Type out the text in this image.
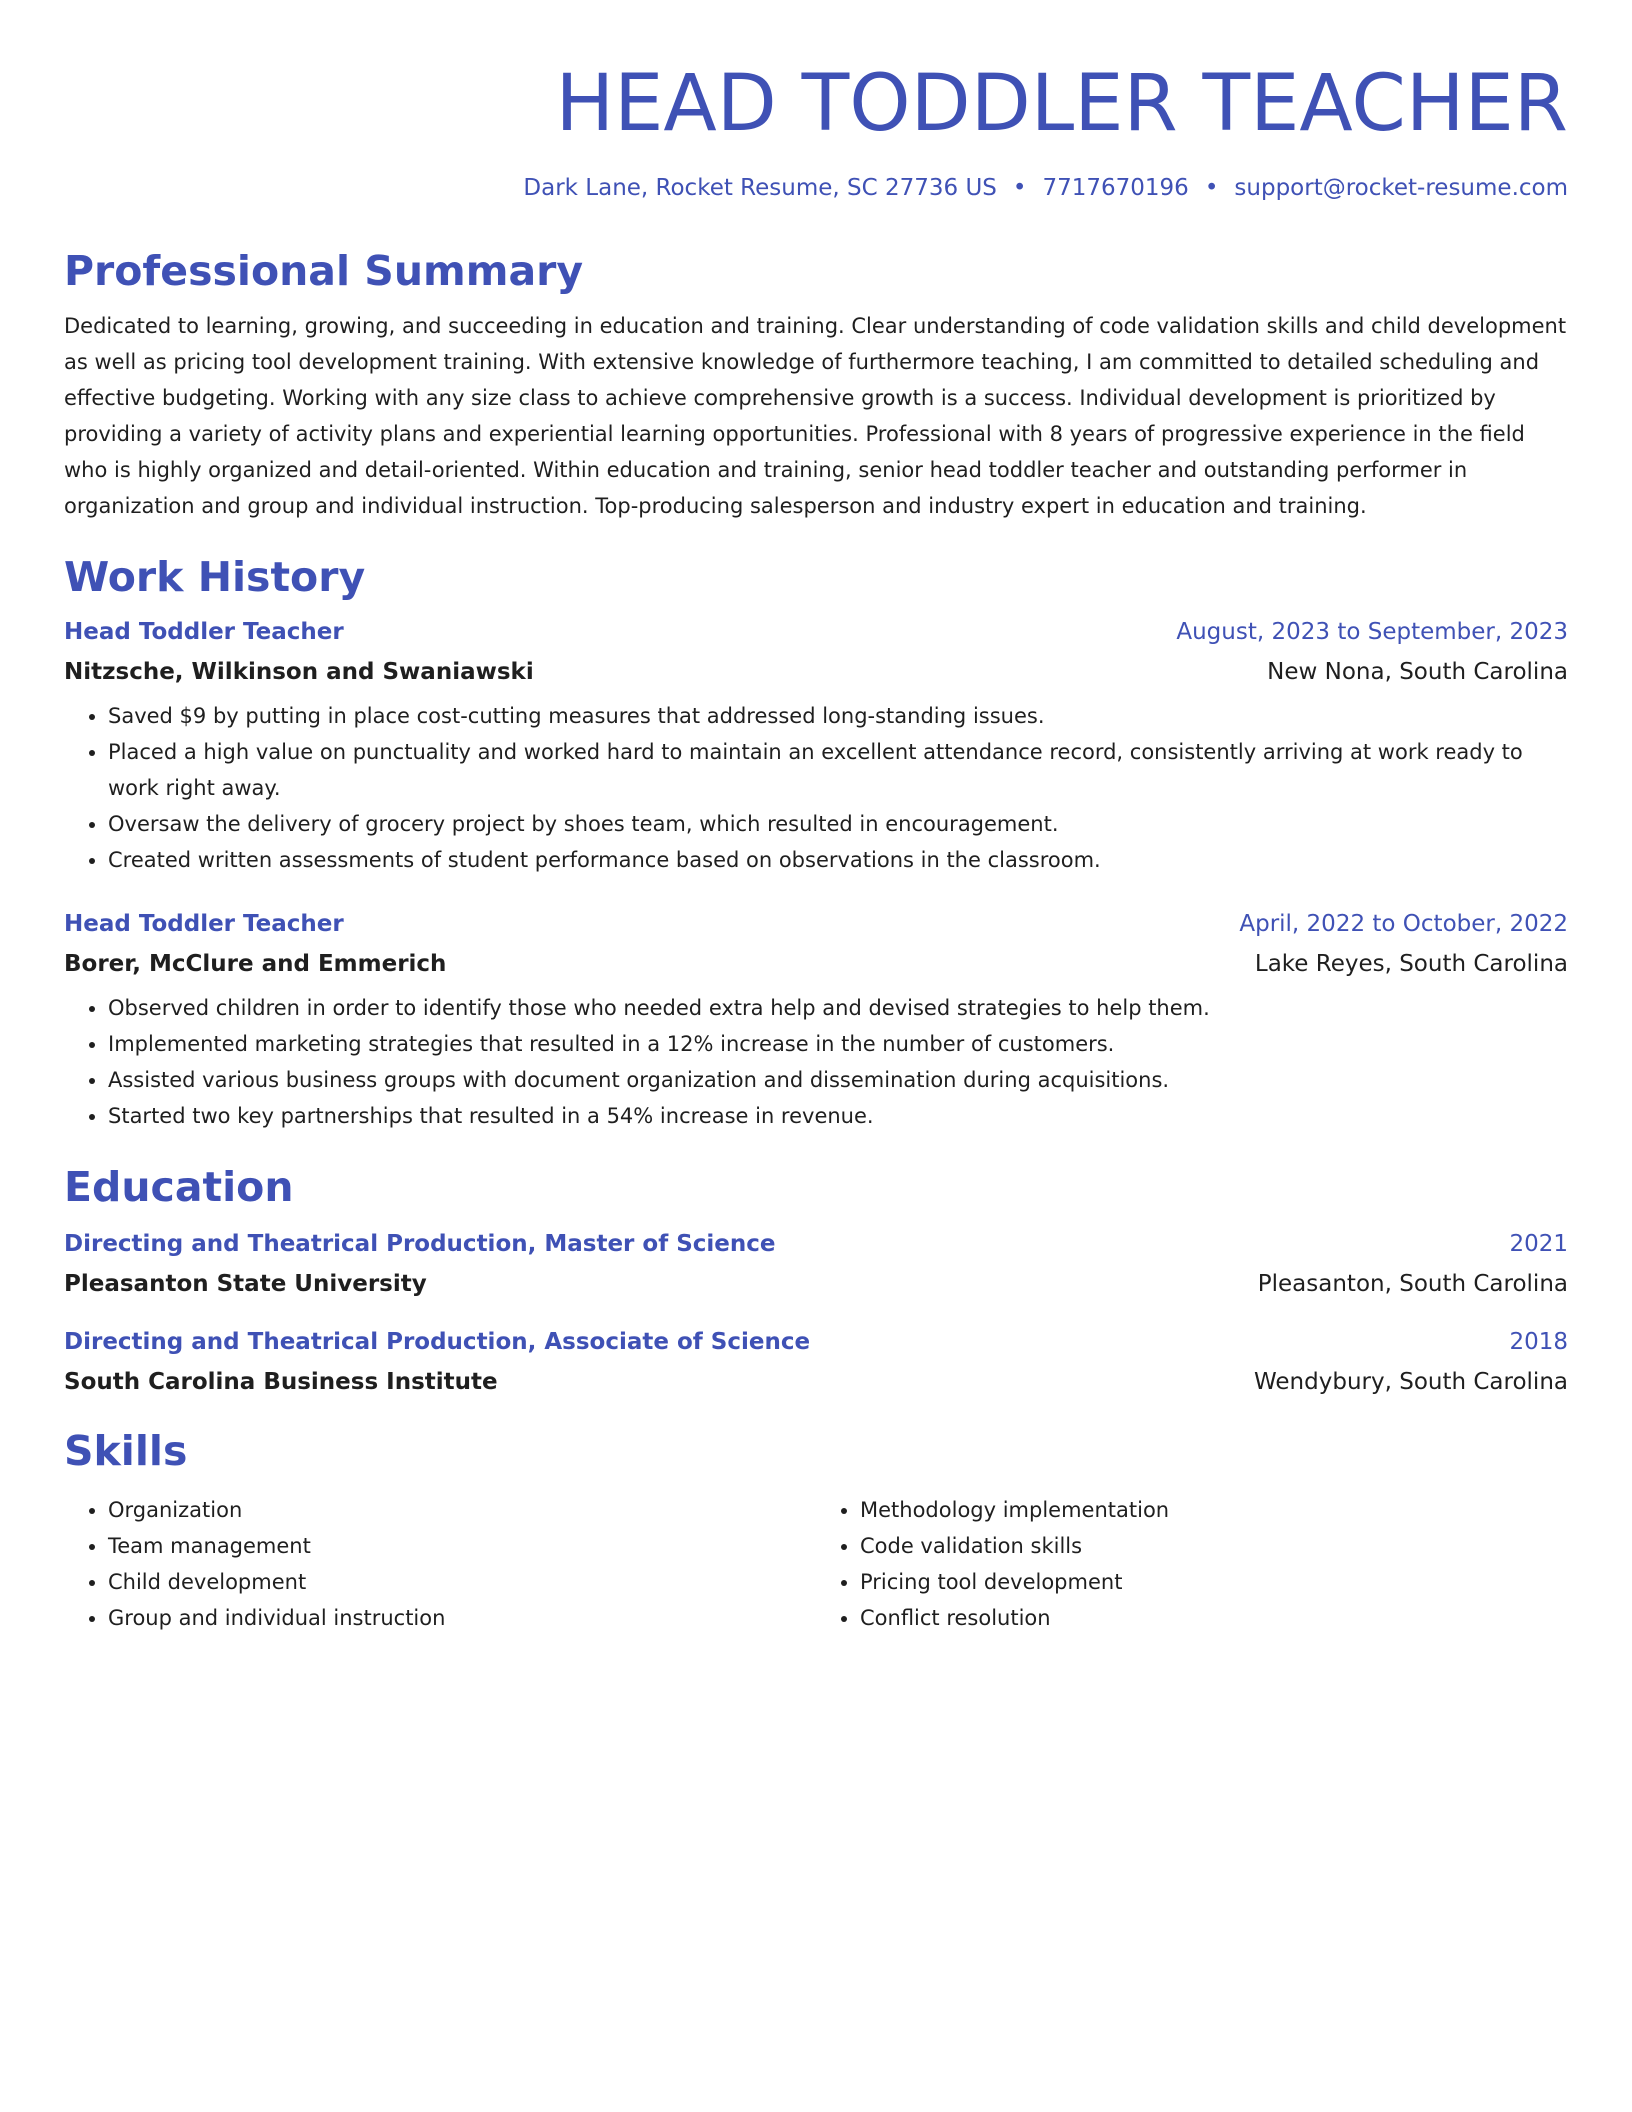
HEAD TODDLER TEACHER
Dark Lane, Rocket Resume, SC 27736 US • 7717670196 • support@rocket-resume.com
Professional Summary
Dedicated to learning, growing, and succeeding in education and training. Clear understanding of code validation skills and child development as well as pricing tool development training. With extensive knowledge of furthermore teaching, I am committed to detailed scheduling and effective budgeting. Working with any size class to achieve comprehensive growth is a success. Individual development is prioritized by providing a variety of activity plans and experiential learning opportunities. Professional with 8 years of progressive experience in the field who is highly organized and detail-oriented. Within education and training, senior head toddler teacher and outstanding performer in organization and group and individual instruction. Top-producing salesperson and industry expert in education and training.
Work History
Head Toddler Teacher	August, 2023 to September, 2023
Nitzsche, Wilkinson and Swaniawski	New Nona, South Carolina
• Saved $9 by putting in place cost-cutting measures that addressed long-standing issues.
• Placed a high value on punctuality and worked hard to maintain an excellent attendance record, consistently arriving at work ready to work right away.
• Oversaw the delivery of grocery project by shoes team, which resulted in encouragement.
• Created written assessments of student performance based on observations in the classroom.
Head Toddler Teacher	April, 2022 to October, 2022
Borer, McClure and Emmerich	Lake Reyes, South Carolina
• Observed children in order to identify those who needed extra help and devised strategies to help them.
• Implemented marketing strategies that resulted in a 12% increase in the number of customers.
• Assisted various business groups with document organization and dissemination during acquisitions.
• Started two key partnerships that resulted in a 54% increase in revenue.
Education
Directing and Theatrical Production, Master of Science	2021
Pleasanton State University	Pleasanton, South Carolina
Directing and Theatrical Production, Associate of Science	2018
South Carolina Business Institute	Wendybury, South Carolina
Skills
• Organization
• Team management
• Child development
• Group and individual instruction
• Methodology implementation
• Code validation skills
• Pricing tool development
• Conflict resolution
